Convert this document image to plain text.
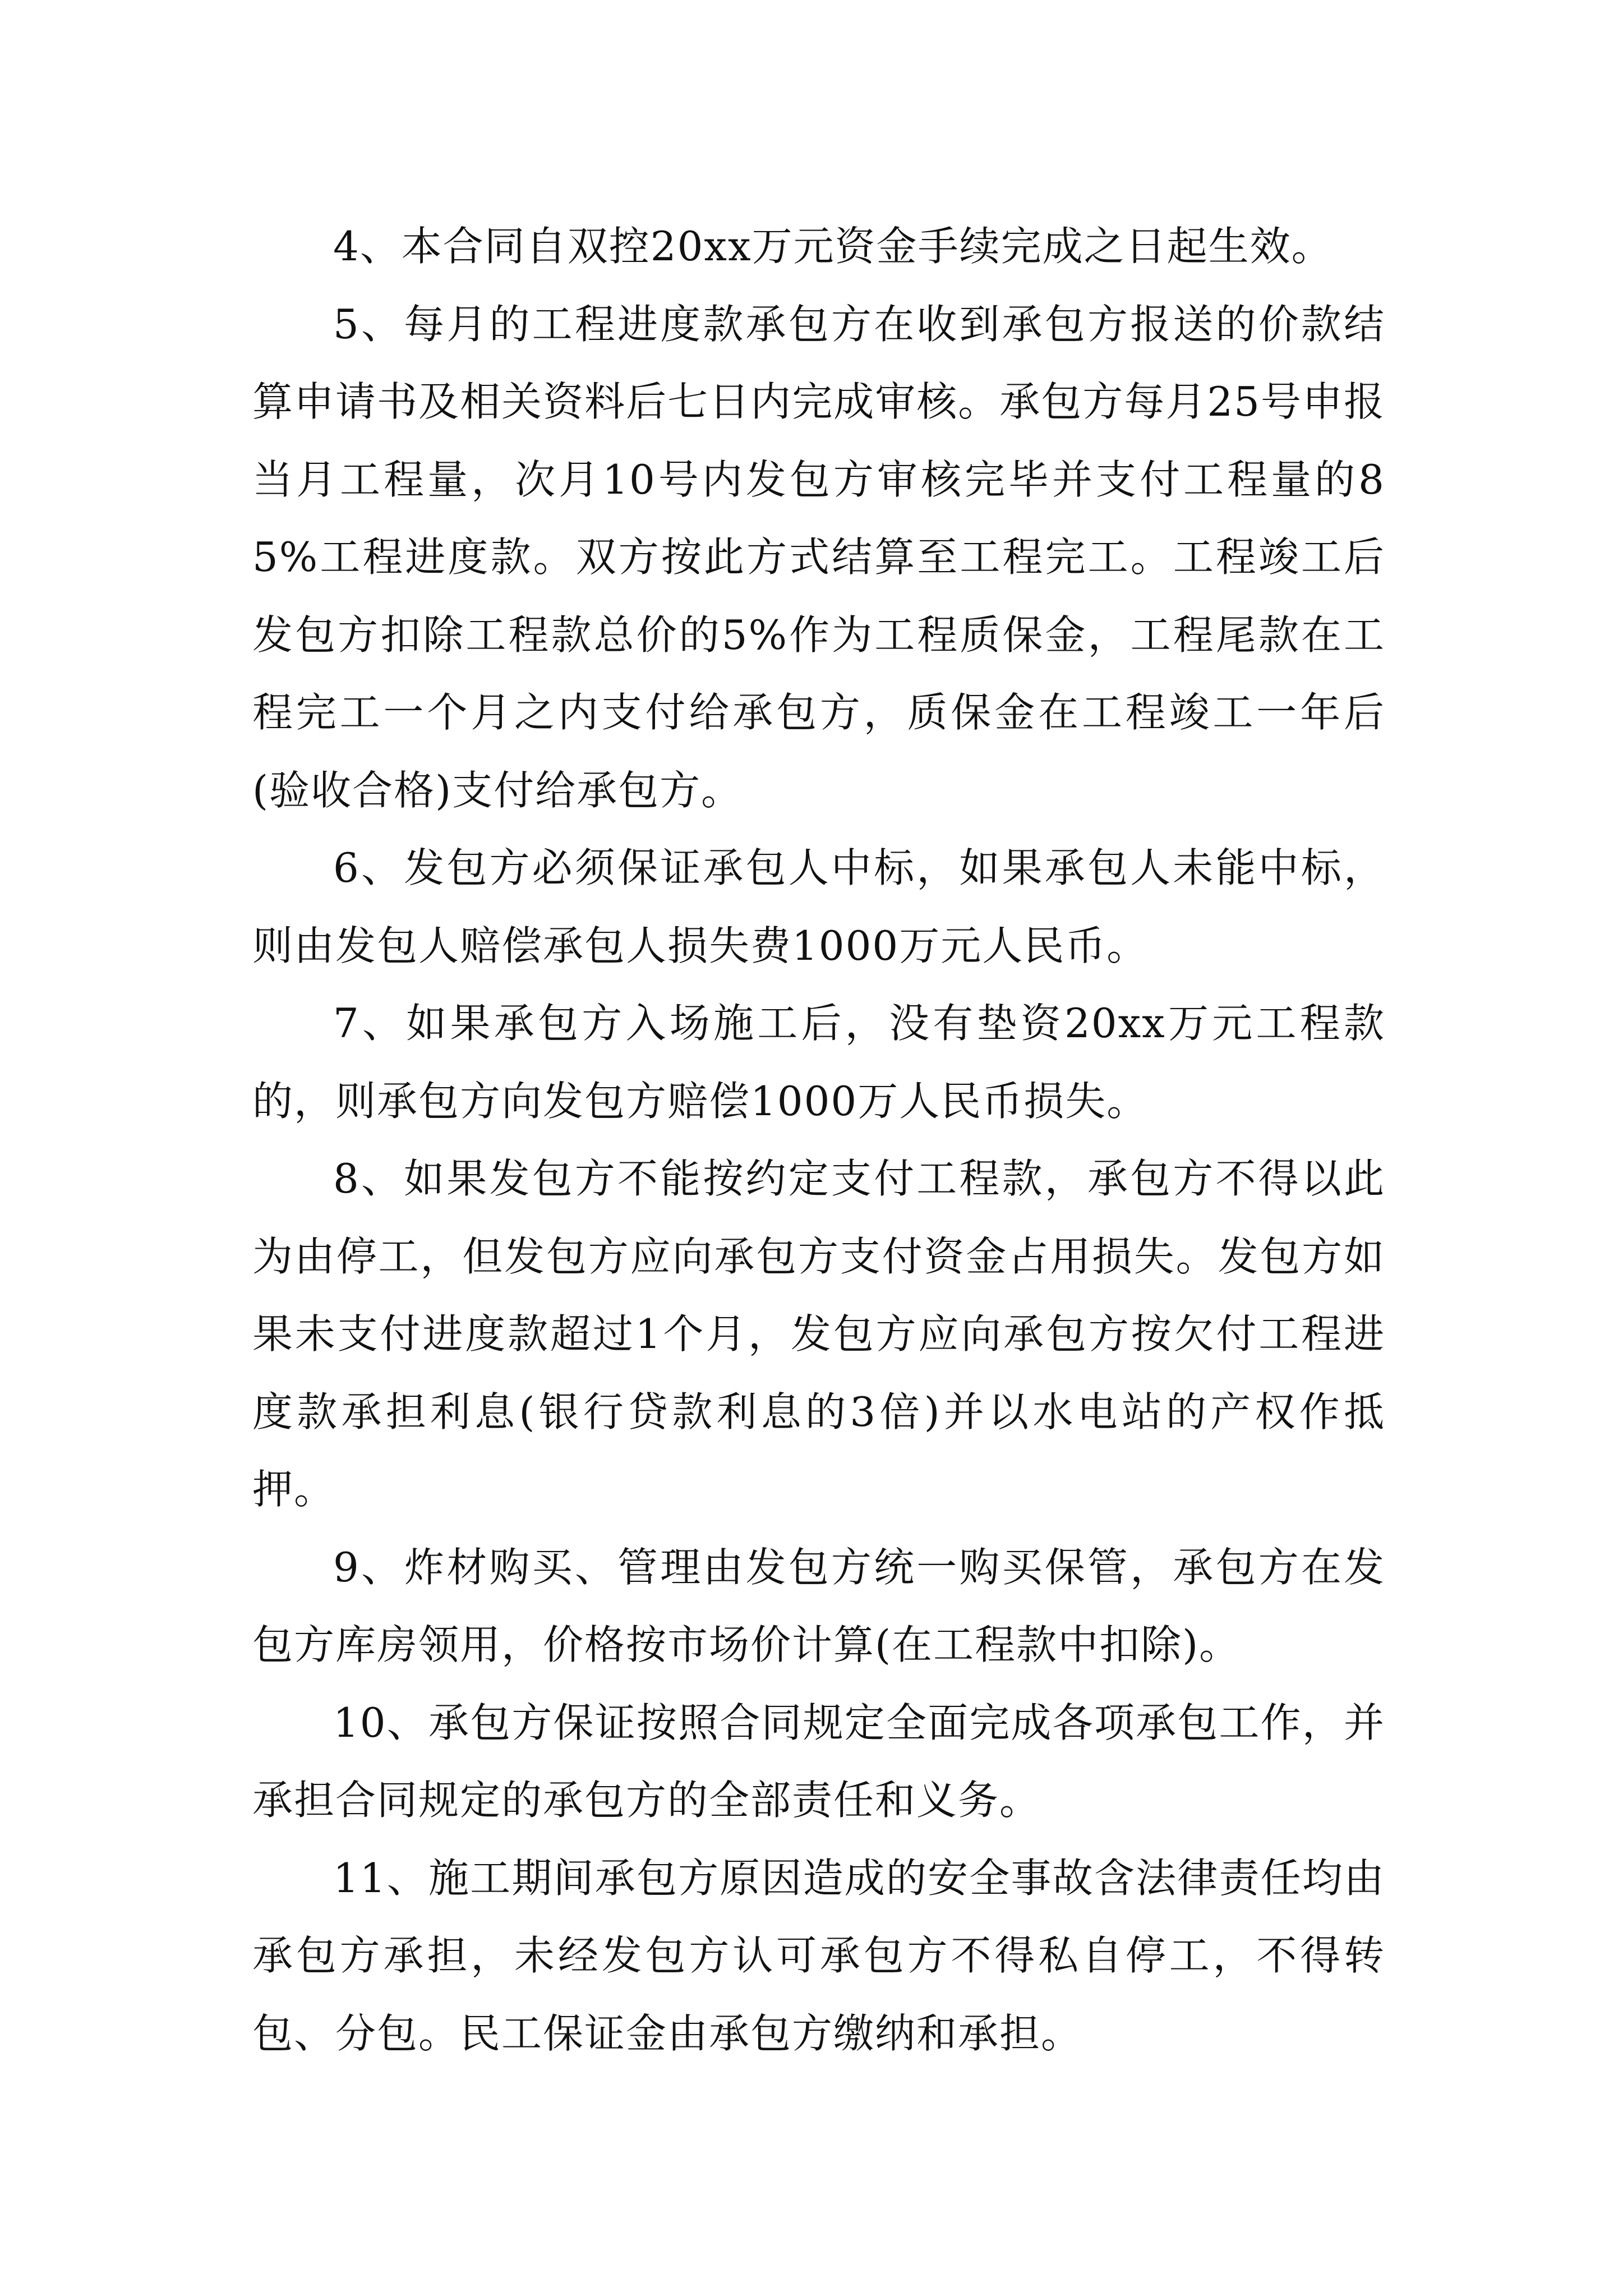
4、本合同自双控20xx万元资金手续完成之日起生效。

5、每月的工程进度款承包方在收到承包方报送的价款结算申请书及相关资料后七日内完成审核。承包方每月25号申报当月工程量，次月10号内发包方审核完毕并支付工程量的85%工程进度款。双方按此方式结算至工程完工。工程竣工后发包方扣除工程款总价的5%作为工程质保金，工程尾款在工程完工一个月之内支付给承包方，质保金在工程竣工一年后(验收合格)支付给承包方。

6、发包方必须保证承包人中标，如果承包人未能中标，则由发包人赔偿承包人损失费1000万元人民币。

7、如果承包方入场施工后，没有垫资20xx万元工程款的，则承包方向发包方赔偿1000万人民币损失。

8、如果发包方不能按约定支付工程款，承包方不得以此为由停工，但发包方应向承包方支付资金占用损失。发包方如果未支付进度款超过1个月，发包方应向承包方按欠付工程进度款承担利息(银行贷款利息的3倍)并以水电站的产权作抵押。

9、炸材购买、管理由发包方统一购买保管，承包方在发包方库房领用，价格按市场价计算(在工程款中扣除)。

10、承包方保证按照合同规定全面完成各项承包工作，并承担合同规定的承包方的全部责任和义务。

11、施工期间承包方原因造成的安全事故含法律责任均由承包方承担，未经发包方认可承包方不得私自停工，不得转包、分包。民工保证金由承包方缴纳和承担。
